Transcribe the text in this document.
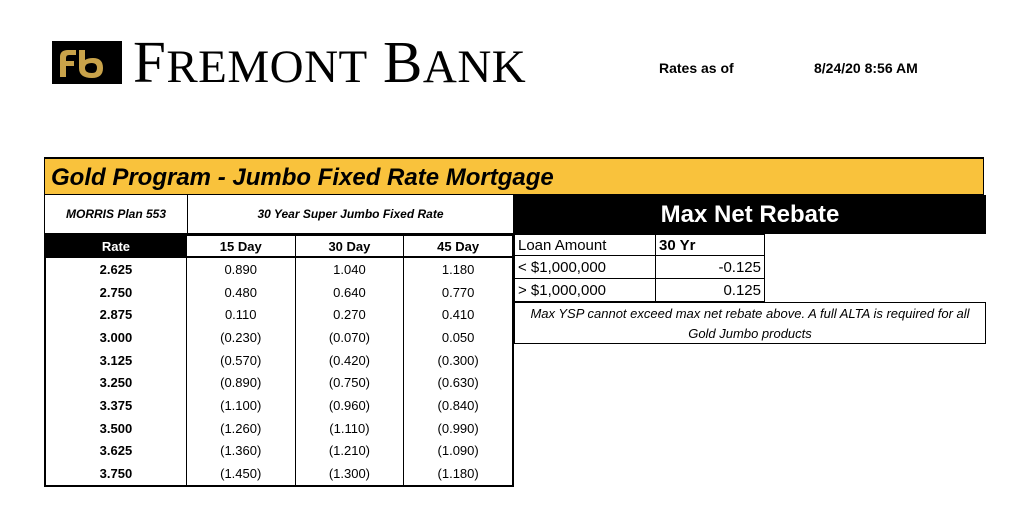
FREMONT BANK	Rates as of	8/24/20 8:56 AM
Gold Program - Jumbo Fixed Rate Mortgage
MORRIS Plan 553	30 Year Super Jumbo Fixed Rate
Rate	15 Day	30 Day	45 Day
2.625	0.890	1.040	1.180
2.750	0.480	0.640	0.770
2.875	0.110	0.270	0.410
3.000	(0.230)	(0.070)	0.050
3.125	(0.570)	(0.420)	(0.300)
3.250	(0.890)	(0.750)	(0.630)
3.375	(1.100)	(0.960)	(0.840)
3.500	(1.260)	(1.110)	(0.990)
3.625	(1.360)	(1.210)	(1.090)
3.750	(1.450)	(1.300)	(1.180)
Max Net Rebate
Loan Amount	30 Yr
< $1,000,000	-0.125
> $1,000,000	0.125
Max YSP cannot exceed max net rebate above. A full ALTA is required for all Gold Jumbo products
